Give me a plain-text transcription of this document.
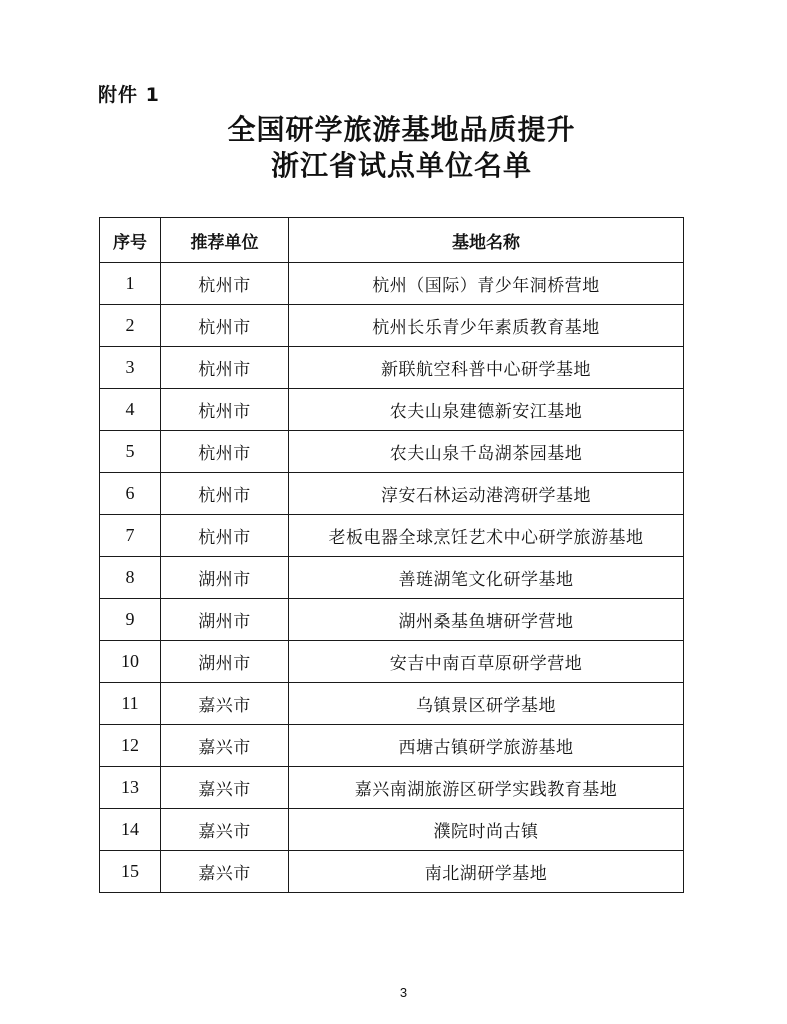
附件 1
全国研学旅游基地品质提升
浙江省试点单位名单
序号	推荐单位	基地名称
1	杭州市	杭州（国际）青少年洞桥营地
2	杭州市	杭州长乐青少年素质教育基地
3	杭州市	新联航空科普中心研学基地
4	杭州市	农夫山泉建德新安江基地
5	杭州市	农夫山泉千岛湖茶园基地
6	杭州市	淳安石林运动港湾研学基地
7	杭州市	老板电器全球烹饪艺术中心研学旅游基地
8	湖州市	善琏湖笔文化研学基地
9	湖州市	湖州桑基鱼塘研学营地
10	湖州市	安吉中南百草原研学营地
11	嘉兴市	乌镇景区研学基地
12	嘉兴市	西塘古镇研学旅游基地
13	嘉兴市	嘉兴南湖旅游区研学实践教育基地
14	嘉兴市	濮院时尚古镇
15	嘉兴市	南北湖研学基地
3
